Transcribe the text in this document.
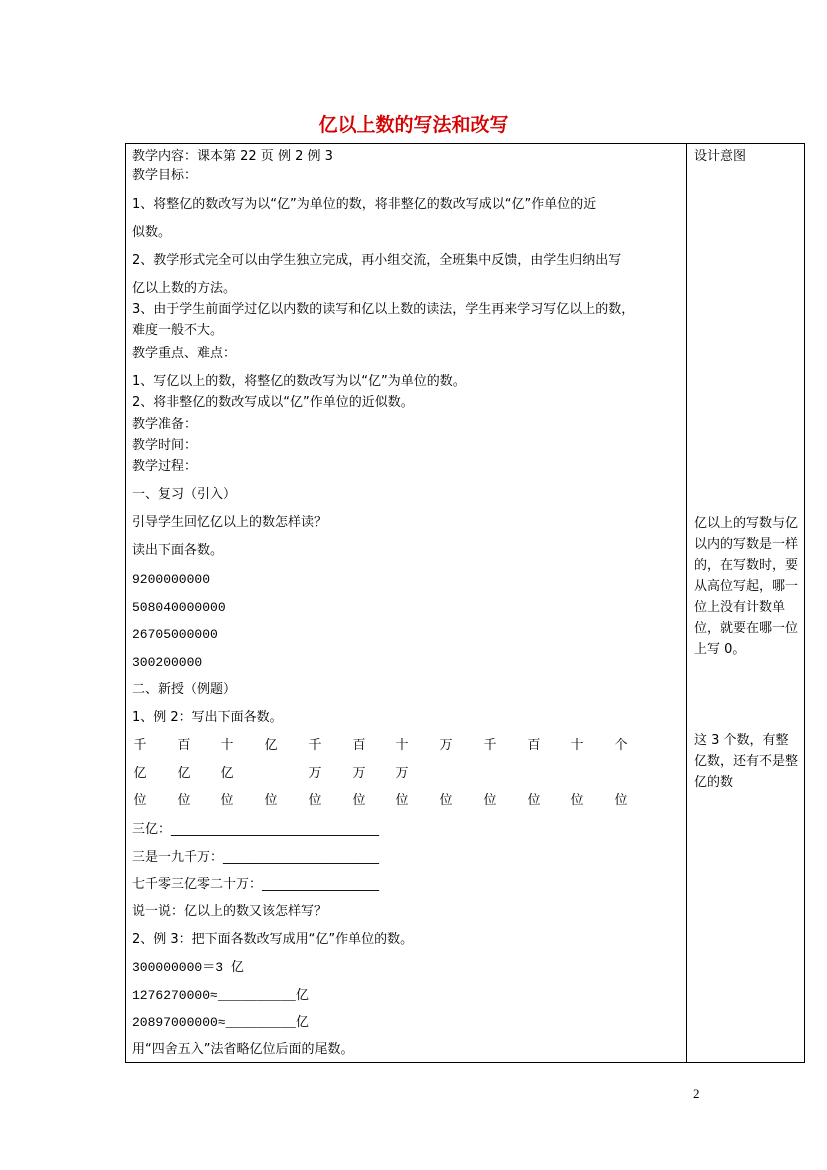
亿以上数的写法和改写
设计意图
教学内容：课本第 22 页 例 2 例 3
教学目标：
1、将整亿的数改写为以“亿”为单位的数，将非整亿的数改写成以“亿”作单位的近
似数。
2、教学形式完全可以由学生独立完成，再小组交流，全班集中反馈，由学生归纳出写
亿以上数的方法。
3、由于学生前面学过亿以内数的读写和亿以上数的读法，学生再来学习写亿以上的数，
难度一般不大。
教学重点、难点：
1、写亿以上的数，将整亿的数改写为以“亿”为单位的数。
2、将非整亿的数改写成以“亿”作单位的近似数。
教学准备：
教学时间：
教学过程：
一、复习（引入）
引导学生回忆亿以上的数怎样读？
读出下面各数。
9200000000
508040000000
26705000000
300200000
二、新授（例题）
1、例 2：写出下面各数。
千 百 十 亿 千 百 十 万 千 百 十 个
亿 亿 亿	万 万 万
位 位 位 位 位 位 位 位 位 位 位 位
三亿：________________________________
三是一九千万：________________________
七千零三亿零二十万：__________________
说一说：亿以上的数又该怎样写？
2、例 3：把下面各数改写成用“亿”作单位的数。
300000000＝3 亿
1276270000≈__________亿
20897000000≈_________亿
用“四舍五入”法省略亿位后面的尾数。
亿以上的写数与亿以内的写数是一样的，在写数时，要从高位写起，哪一位上没有计数单位，就要在哪一位上写 0。
这 3 个数，有整亿数，还有不是整亿的数
2
